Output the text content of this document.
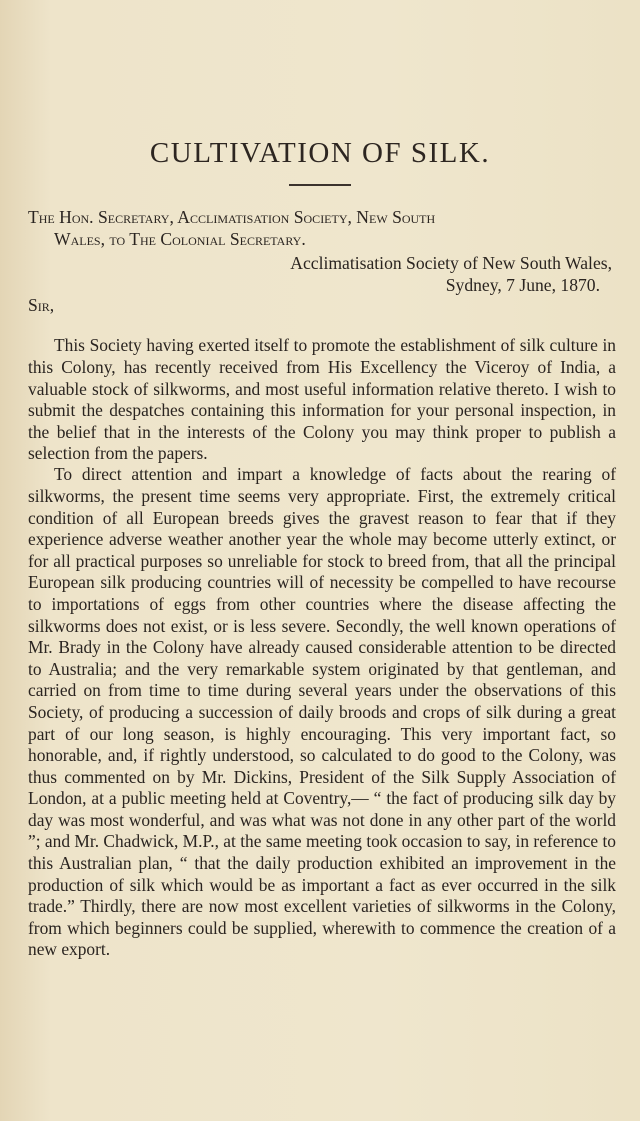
CULTIVATION OF SILK.
The Hon. Secretary, Acclimatisation Society, New South
Wales, to The Colonial Secretary.
Acclimatisation Society of New South Wales,
Sydney, 7 June, 1870.
Sir,

This Society having exerted itself to promote the establishment of silk culture in this Colony, has recently received from His Excellency the Viceroy of India, a valuable stock of silkworms, and most useful information relative thereto. I wish to submit the despatches containing this information for your personal inspection, in the belief that in the interests of the Colony you may think proper to publish a selection from the papers.

To direct attention and impart a knowledge of facts about the rearing of silkworms, the present time seems very appropriate. First, the extremely critical condition of all European breeds gives the gravest reason to fear that if they experience adverse weather another year the whole may become utterly extinct, or for all practical purposes so unreliable for stock to breed from, that all the principal European silk producing countries will of necessity be compelled to have recourse to importations of eggs from other countries where the disease affecting the silkworms does not exist, or is less severe. Secondly, the well known operations of Mr. Brady in the Colony have already caused considerable attention to be directed to Australia; and the very remarkable system originated by that gentleman, and carried on from time to time during several years under the observations of this Society, of producing a succession of daily broods and crops of silk during a great part of our long season, is highly encouraging. This very important fact, so honorable, and, if rightly understood, so calculated to do good to the Colony, was thus commented on by Mr. Dickins, President of the Silk Supply Association of London, at a public meeting held at Coventry,— “ the fact of producing silk day by day was most wonderful, and was what was not done in any other part of the world ”; and Mr. Chadwick, M.P., at the same meeting took occasion to say, in reference to this Australian plan, “ that the daily production exhibited an improvement in the production of silk which would be as important a fact as ever occurred in the silk trade.” Thirdly, there are now most excellent varieties of silkworms in the Colony, from which beginners could be supplied, wherewith to commence the creation of a new export.
